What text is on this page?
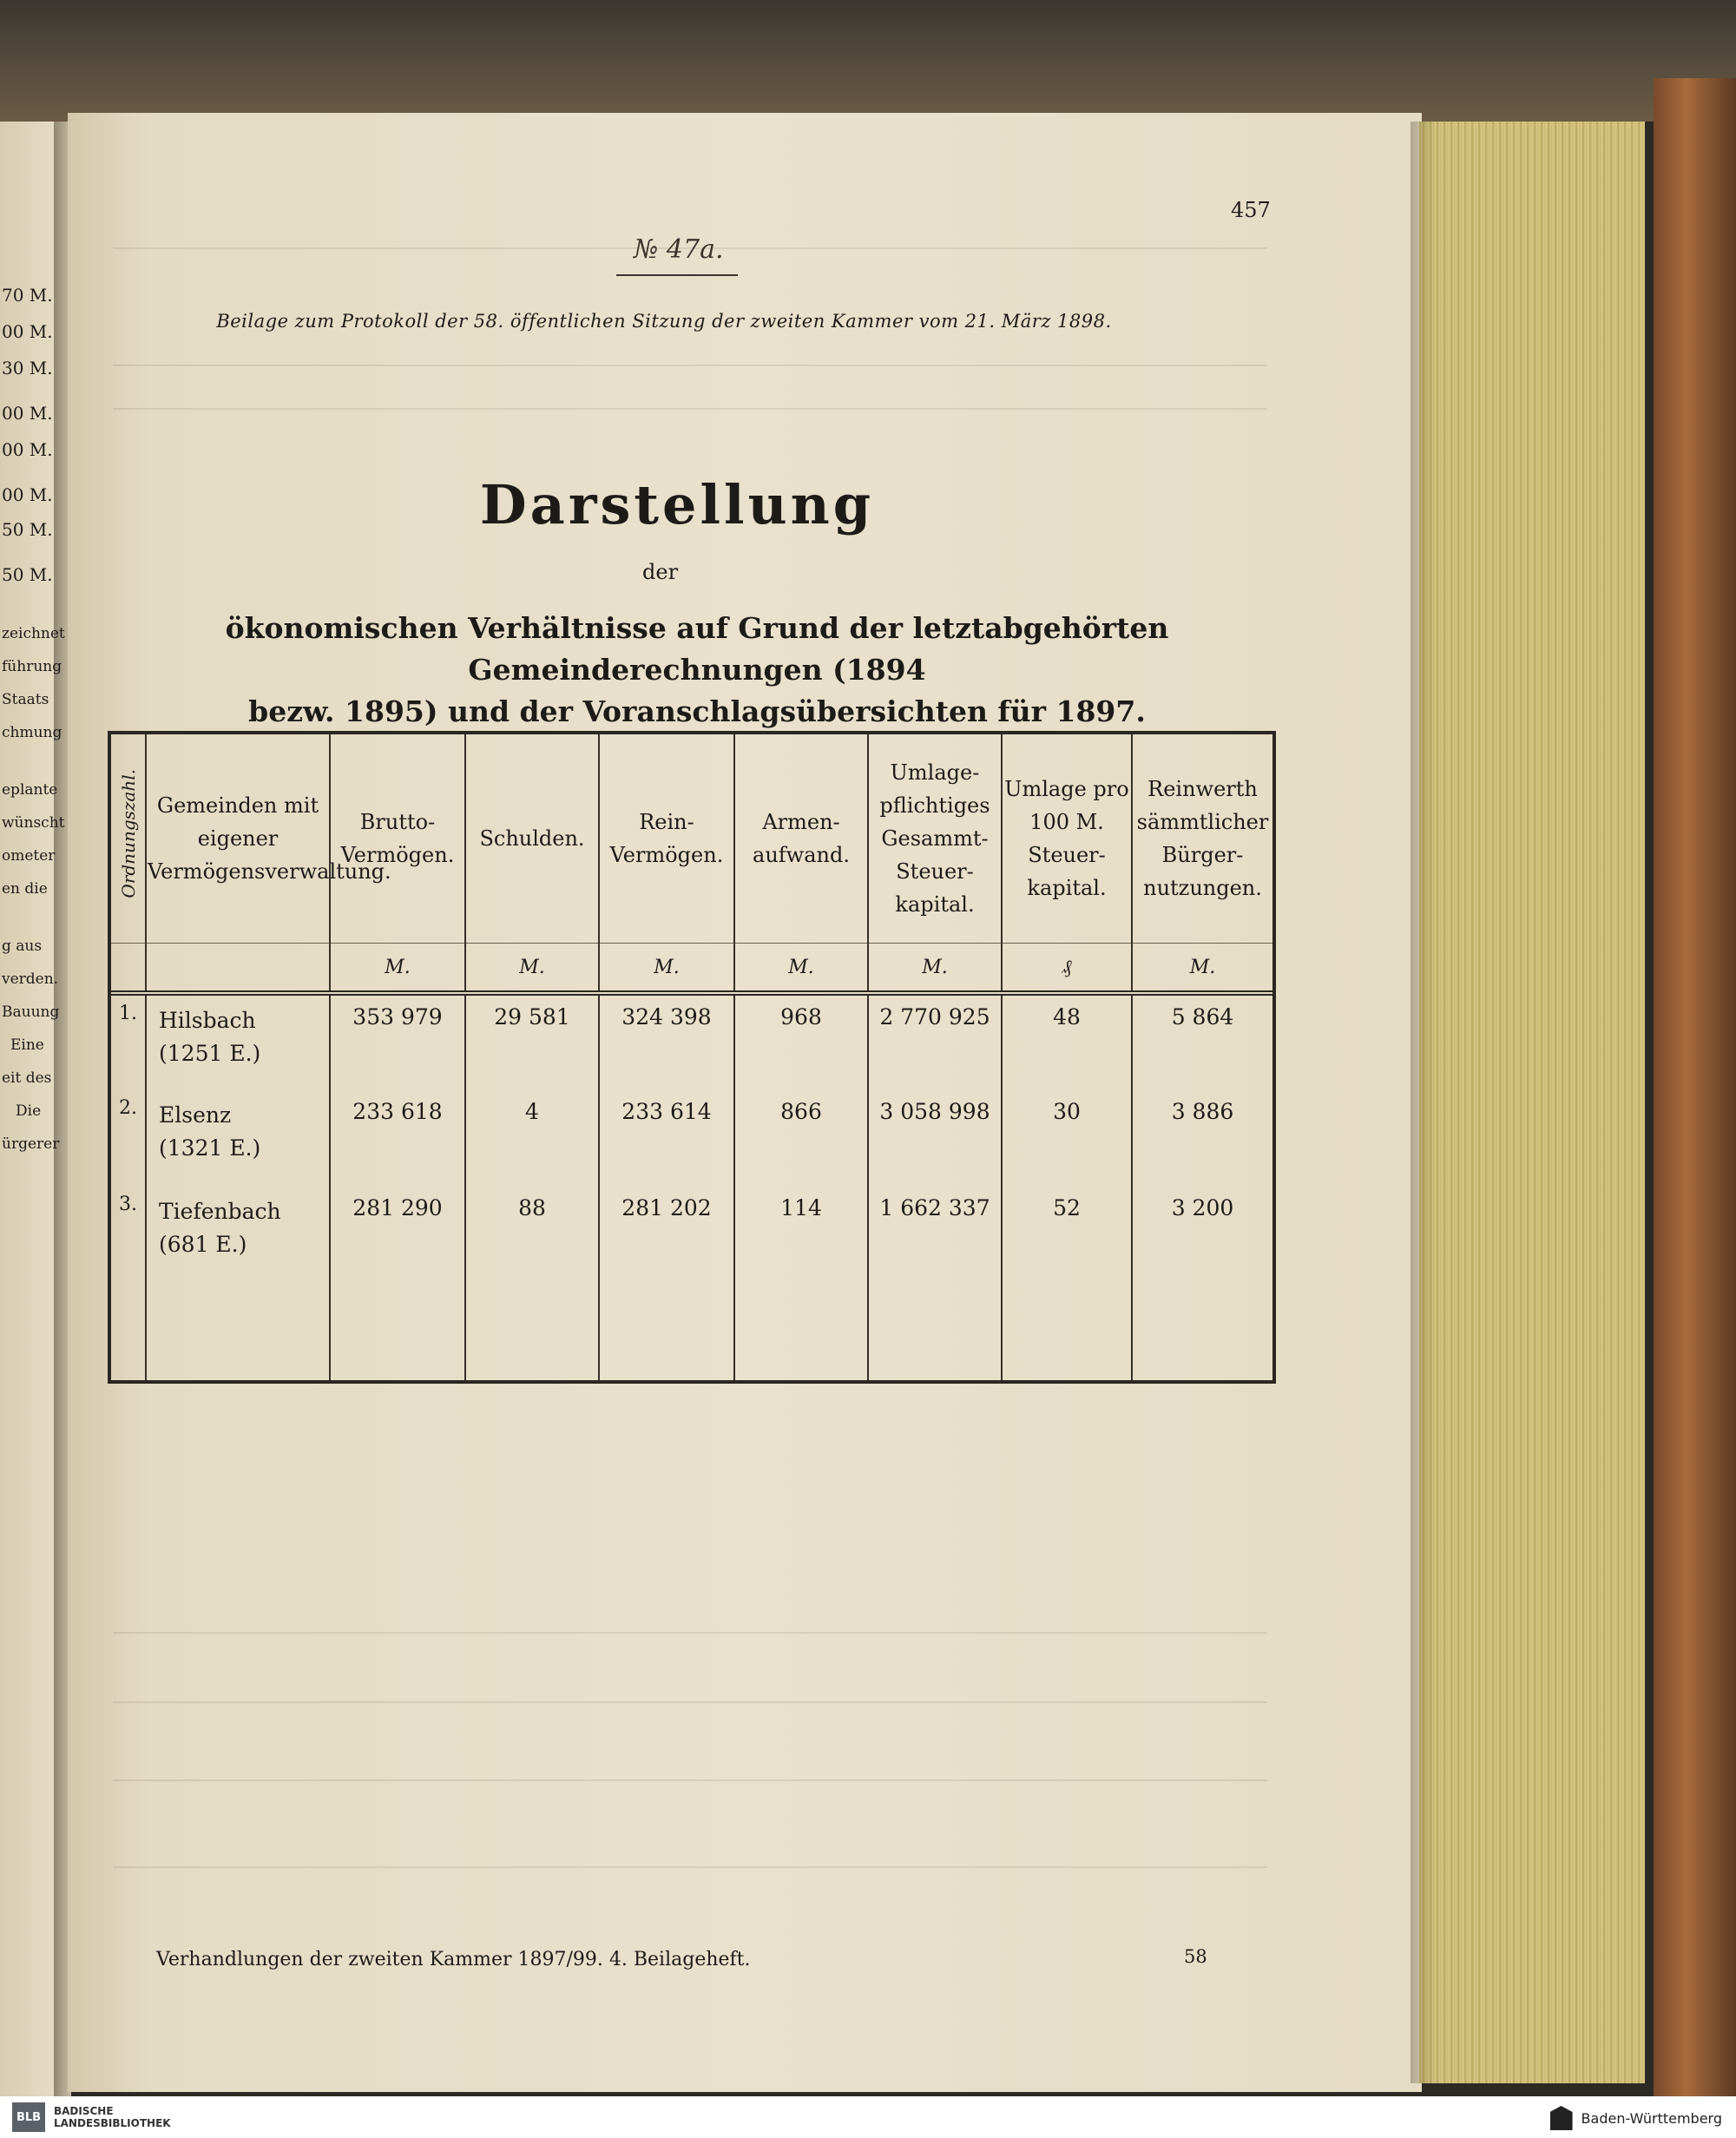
70 M.
00 M.
30 M.
00 M.
00 M.
00 M.
50 M.
50 M.
zeichnet
führung
Staats
chmung
eplante
wünscht
ometer
en die
g aus
verden.
Bauung
Eine
eit des
Die
ürgerer
457
№ 47a.
Beilage zum Protokoll der 58. öffentlichen Sitzung der zweiten Kammer vom 21. März 1898.
Darstellung
der
ökonomischen Verhältnisse auf Grund der letztabgehörten Gemeinderechnungen (1894
bezw. 1895) und der Voranschlagsübersichten für 1897.
Ordnungszahl.	Gemeinden mit eigener Vermögensverwaltung.	Brutto-Vermögen.	Schulden.	Rein-Vermögen.	Armen-aufwand.	Umlage-pflichtiges Gesammt-Steuer-kapital.	Umlage pro 100 M. Steuer-kapital.	Reinwerth sämmtlicher Bürger-nutzungen.
		M.	M.	M.	M.	M.	₰	M.
1.	Hilsbach
(1251 E.)	353 979	29 581	324 398	968	2 770 925	48	5 864
2.	Elsenz
(1321 E.)	233 618	4	233 614	866	3 058 998	30	3 886
3.	Tiefenbach
(681 E.)	281 290	88	281 202	114	1 662 337	52	3 200

Verhandlungen der zweiten Kammer 1897/99. 4. Beilageheft.	58
BLB	BADISCHE
LANDESBIBLIOTHEK	Baden-Württemberg
